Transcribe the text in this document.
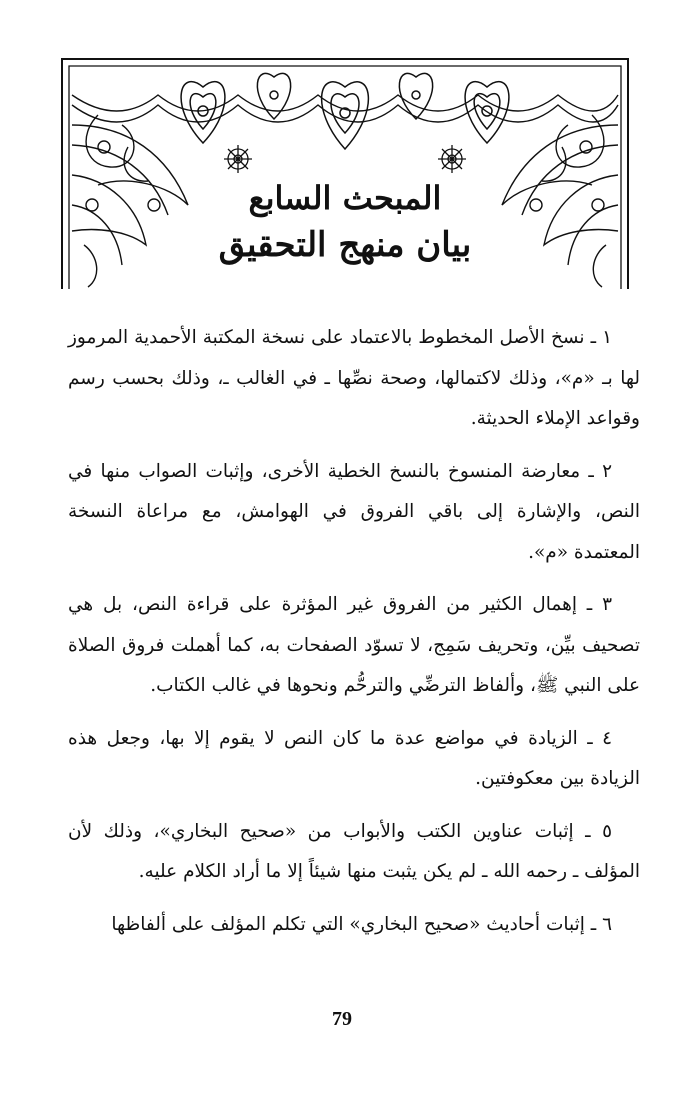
المبحث السابع

بيان منهج التحقيق

١ ـ نسخ الأصل المخطوط بالاعتماد على نسخة المكتبة الأحمدية المرموز لها بـ «م»، وذلك لاكتمالها، وصحة نصِّها ـ في الغالب ـ، وذلك بحسب رسم وقواعد الإملاء الحديثة.

٢ ـ معارضة المنسوخ بالنسخ الخطية الأخرى، وإثبات الصواب منها في النص، والإشارة إلى باقي الفروق في الهوامش، مع مراعاة النسخة المعتمدة «م».

٣ ـ إهمال الكثير من الفروق غير المؤثرة على قراءة النص، بل هي تصحيف بيِّن، وتحريف سَمِج، لا تسوّد الصفحات به، كما أهملت فروق الصلاة على النبي ﷺ، وألفاظ الترضِّي والترحُّم ونحوها في غالب الكتاب.

٤ ـ الزيادة في مواضع عدة ما كان النص لا يقوم إلا بها، وجعل هذه الزيادة بين معكوفتين.

٥ ـ إثبات عناوين الكتب والأبواب من «صحيح البخاري»، وذلك لأن المؤلف ـ رحمه الله ـ لم يكن يثبت منها شيئاً إلا ما أراد الكلام عليه.

٦ ـ إثبات أحاديث «صحيح البخاري» التي تكلم المؤلف على ألفاظها

79
